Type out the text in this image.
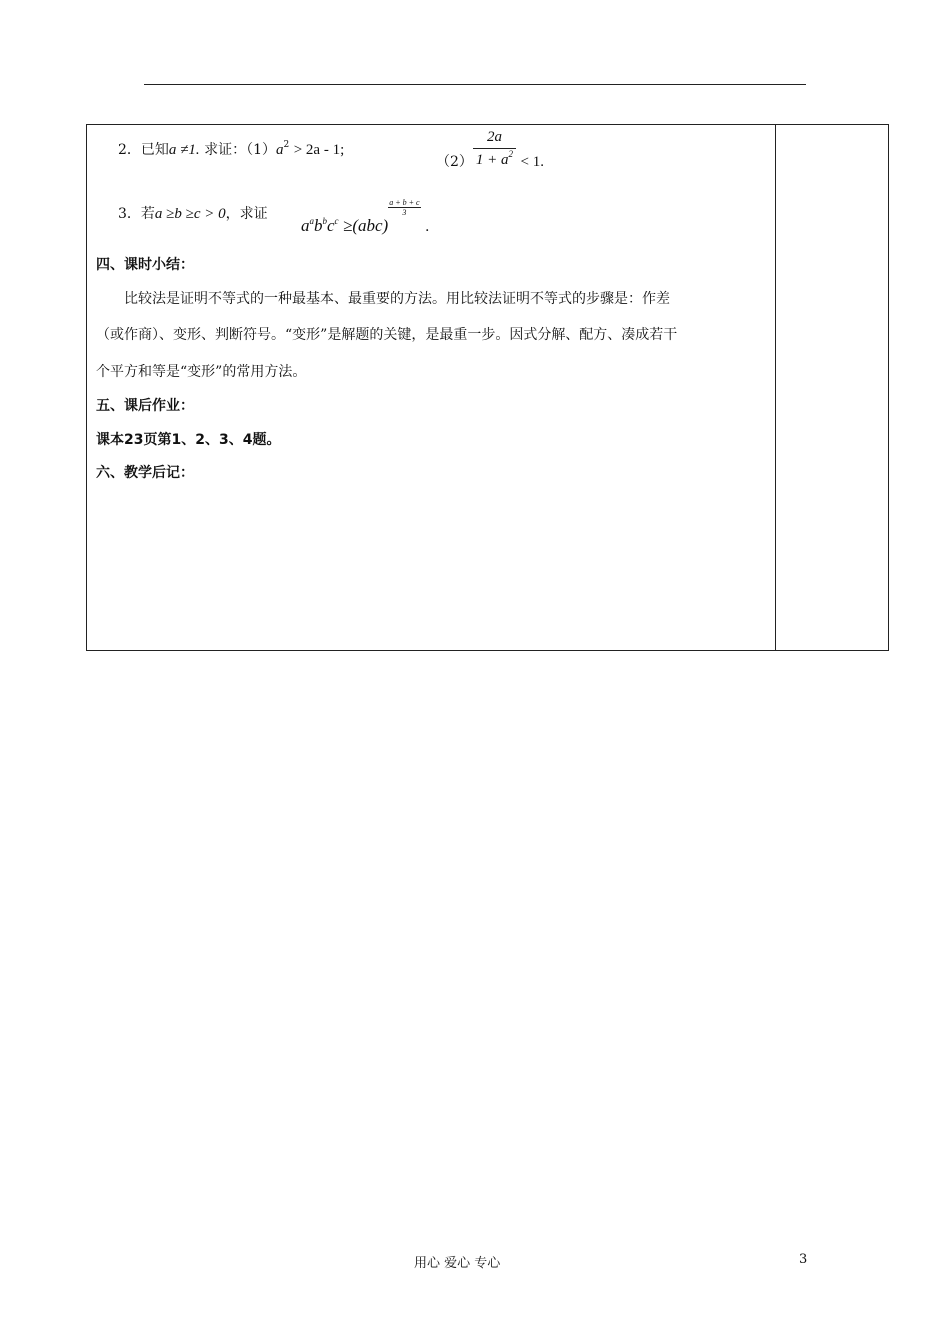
2．已知a ≠1. 求证：$(1)a^2 > 2a - 1$;
$(2) \frac{2a}{1 + a^2} < 1$.
3．若a ≥b ≥c > 0，求证
$a^ab^bc^c \ge(abc)$
$\frac{a + b + c}{3}$
.
四、课时小结：
比较法是证明不等式的一种最基本、最重要的方法。用比较法证明不等式的步骤是：作差
（或作商）、变形、判断符号。“变形”是解题的关键，是最重一步。因式分解、配方、凑成若干
个平方和等是“变形”的常用方法。
五、课后作业：
课本23页第1、2、3、4题。
六、教学后记：
用心 爱心 专心	3
